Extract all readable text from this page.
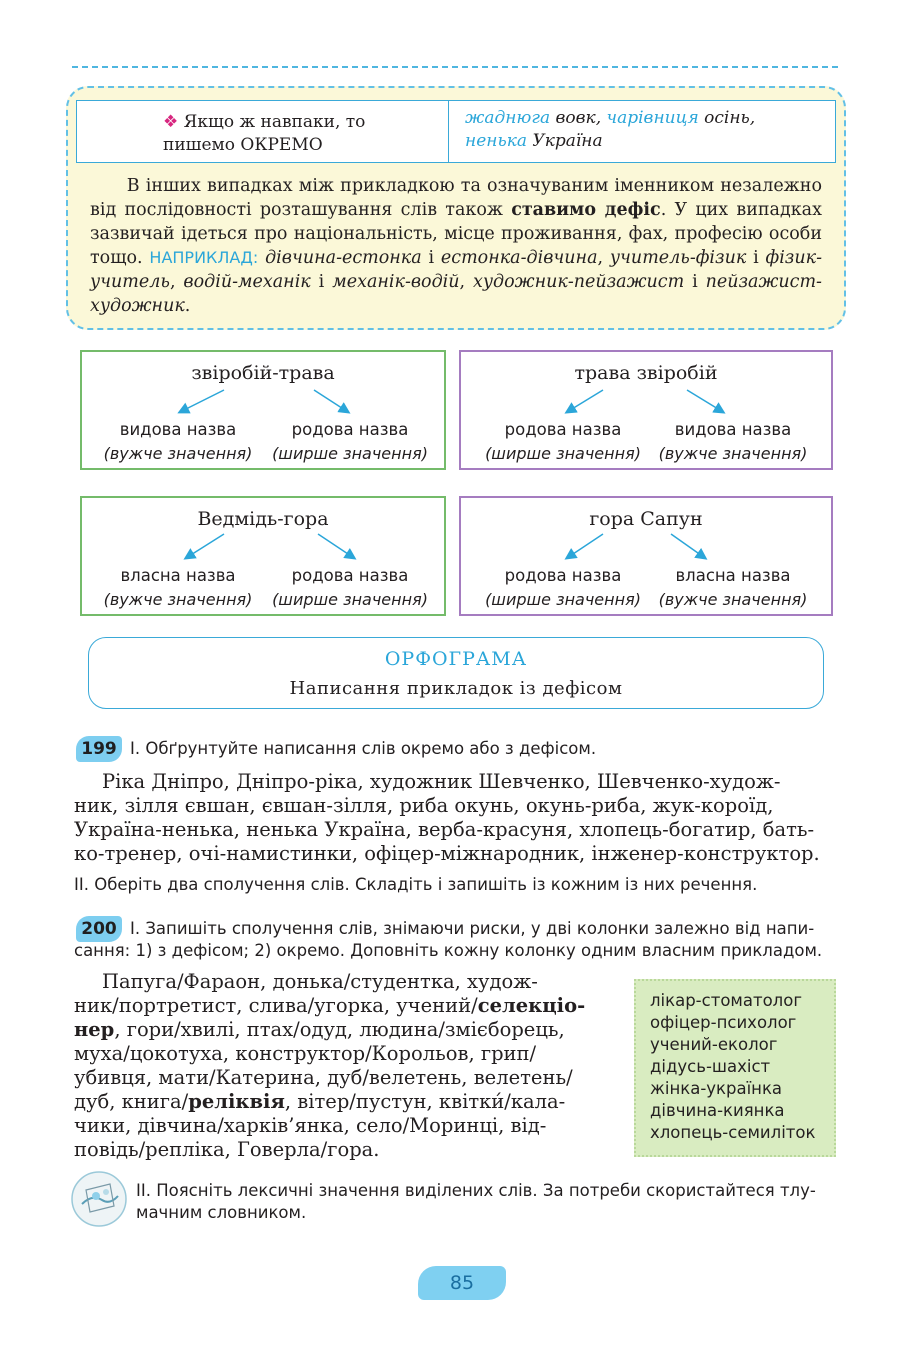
❖ Якщо ж навпаки, то
пишемо ОКРЕМО
жаднюга вовк, чарівниця осінь,
ненька Україна
В інших випадках між прикладкою та означуваним іменником незалежно від послідовності розташування слів також ставимо дефіс. У цих випадках зазвичай ідеться про національність, місце проживання, фах, професію особи тощо. НАПРИКЛАД: дівчина-естонка і естонка-дівчина, учитель-фізик і фізик-учитель, водій-механік і механік-водій, художник-пейзажист і пейзажист-художник.
звіробій-трава
видова назва
(вужче значення)
родова назва
(ширше значення)
трава звіробій
родова назва
(ширше значення)
видова назва
(вужче значення)
Ведмідь-гора
власна назва
(вужче значення)
родова назва
(ширше значення)
гора Сапун
родова назва
(ширше значення)
власна назва
(вужче значення)
ОРФОГРАМА
Написання прикладок із дефісом
199 I. Обґрунтуйте написання слів окремо або з дефісом.
Ріка Дніпро, Дніпро-ріка, художник Шевченко, Шевченко-худож-
ник, зілля євшан, євшан-зілля, риба окунь, окунь-риба, жук-короїд,
Україна-ненька, ненька Україна, верба-красуня, хлопець-богатир, бать-
ко-тренер, очі-намистинки, офіцер-міжнародник, інженер-конструктор.
II. Оберіть два сполучення слів. Складіть і запишіть із кожним із них речення.
200 I. Запишіть сполучення слів, знімаючи риски, у дві колонки залежно від напи-
сання: 1) з дефісом; 2) окремо. Доповніть кожну колонку одним власним прикладом.
Папуга/Фараон, донька/студентка, худож-
ник/портретист, слива/угорка, учений/селекціо-
нер, гори/хвилі, птах/одуд, людина/змієборець,
муха/цокотуха, конструктор/Корольов, грип/
убивця, мати/Катерина, дуб/велетень, велетень/
дуб, книга/реліквія, вітер/пустун, квітки́/кала-
чики, дівчина/харків’янка, село/Моринці, від-
повідь/репліка, Говерла/гора.
лікар-стоматолог
офіцер-психолог
учений-еколог
дідусь-шахіст
жінка-українка
дівчина-киянка
хлопець-семиліток
II. Поясніть лексичні значення виділених слів. За потреби скористайтеся тлу-
мачним словником.
85
